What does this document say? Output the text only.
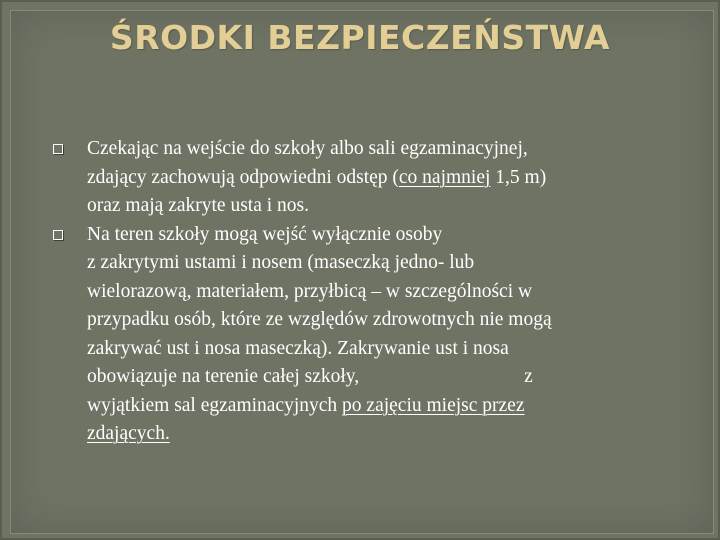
ŚRODKI BEZPIECZEŃSTWA
Czekając na wejście do szkoły albo sali egzaminacyjnej,
zdający zachowują odpowiedni odstęp (co najmniej 1,5 m)
oraz mają zakryte usta i nos.
Na teren szkoły mogą wejść wyłącznie osoby
z zakrytymi ustami i nosem (maseczką jedno- lub
wielorazową, materiałem, przyłbicą – w szczególności w
przypadku osób, które ze względów zdrowotnych nie mogą
zakrywać ust i nosa maseczką). Zakrywanie ust i nosa
obowiązuje na terenie całej szkoły,	z
wyjątkiem sal egzaminacyjnych po zajęciu miejsc przez
zdających.
